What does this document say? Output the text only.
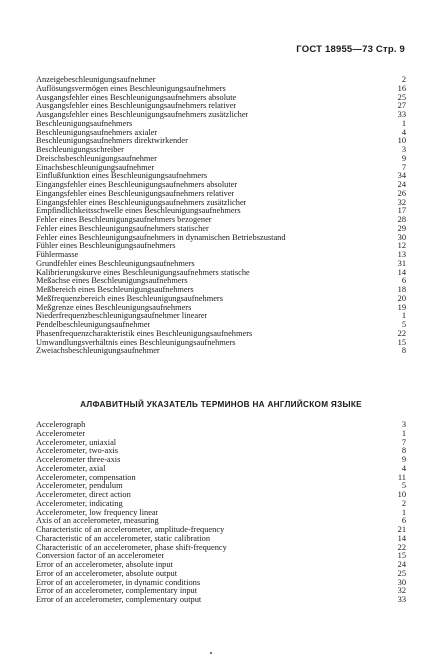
ГОСТ 18955—73 Стр. 9
Anzeigebeschleunigungsaufnehmer	2
Auflösungsvermögen eines Beschleunigungsaufnehmers	16
Ausgangsfehler eines Beschleunigungsaufnehmers absolute	25
Ausgangsfehler eines Beschleunigungsaufnehmers relativer	27
Ausgangsfehler eines Beschleunigungsaufnehmers zusätzlicher	33
Beschleunigungsaufnehmers	1
Beschleunigungsaufnehmers axialer	4
Beschleunigungsaufnehmers direktwirkender	10
Beschleunigungsschreiber	3
Dreischsbeschleunigungsaufnehmer	9
Einachsbeschleunigungsaufnehmer	7
Einflußfunktion eines Beschleunigungsaufnehmers	34
Eingangsfehler eines Beschleunigungsaufnehmers absoluter	24
Eingangsfehler eines Beschleunigungsaufnehmers relativer	26
Eingangsfehler eines Beschleunigungsaufnehmers zusätzlicher	32
Empfindlichkeitsschwelle eines Beschleunigungsaufnehmers	17
Fehler eines Beschleunigungsaufnehmers bezogener	28
Fehler eines Beschleunigungsaufnehmers statischer	29
Fehler eines Beschleunigungsaufnehmers in dynamischen Betriebszustand	30
Fühler eines Beschleunigungsaufnehmers	12
Fühlermasse	13
Grundfehler eines Beschleunigungsaufnehmers	31
Kalibrierungskurve eines Beschleunigungsaufnehmers statische	14
Meßachse eines Beschleunigungsaufnehmers	6
Meßbereich eines Beschleunigungsaufnehmers	18
Meßfrequenzbereich eines Beschleunigungsaufnehmers	20
Meßgrenze eines Beschleunigungsaufnehmers	19
Niederfrequenzbeschleunigungsaufnehmer linearer	1
Pendelbeschleunigungsaufnehmer	5
Phasenfrequenzcharakteristik eines Beschleunigungsaufnehmers	22
Umwandlungsverhältnis eines Beschleunigungsaufnehmers	15
Zweiachsbeschleunigungsaufnehmer	8
АЛФАВИТНЫЙ УКАЗАТЕЛЬ ТЕРМИНОВ НА АНГЛИЙСКОМ ЯЗЫКЕ
Accelerograph	3
Accelerometer	1
Accelerometer, uniaxial	7
Accelerometer, two-axis	8
Accelerometer three-axis	9
Accelerometer, axial	4
Accelerometer, compensation	11
Accelerometer, pendulum	5
Accelerometer, direct action	10
Accelerometer, indicating	2
Accelerometer, low frequency linear	1
Axis of an accelerometer, measuring	6
Characteristic of an accelerometer, amplitude-frequency	21
Characteristic of an accelerometer, static calibration	14
Characteristic of an accelerometer, phase shift-frequency	22
Conversion factor of an accelerometer	15
Error of an accelerometer, absolute input	24
Error of an accelerometer, absolute output	25
Error of an accelerometer, in dynamic conditions	30
Error of an accelerometer, complementary input	32
Error of an accelerometer, complementary output	33
